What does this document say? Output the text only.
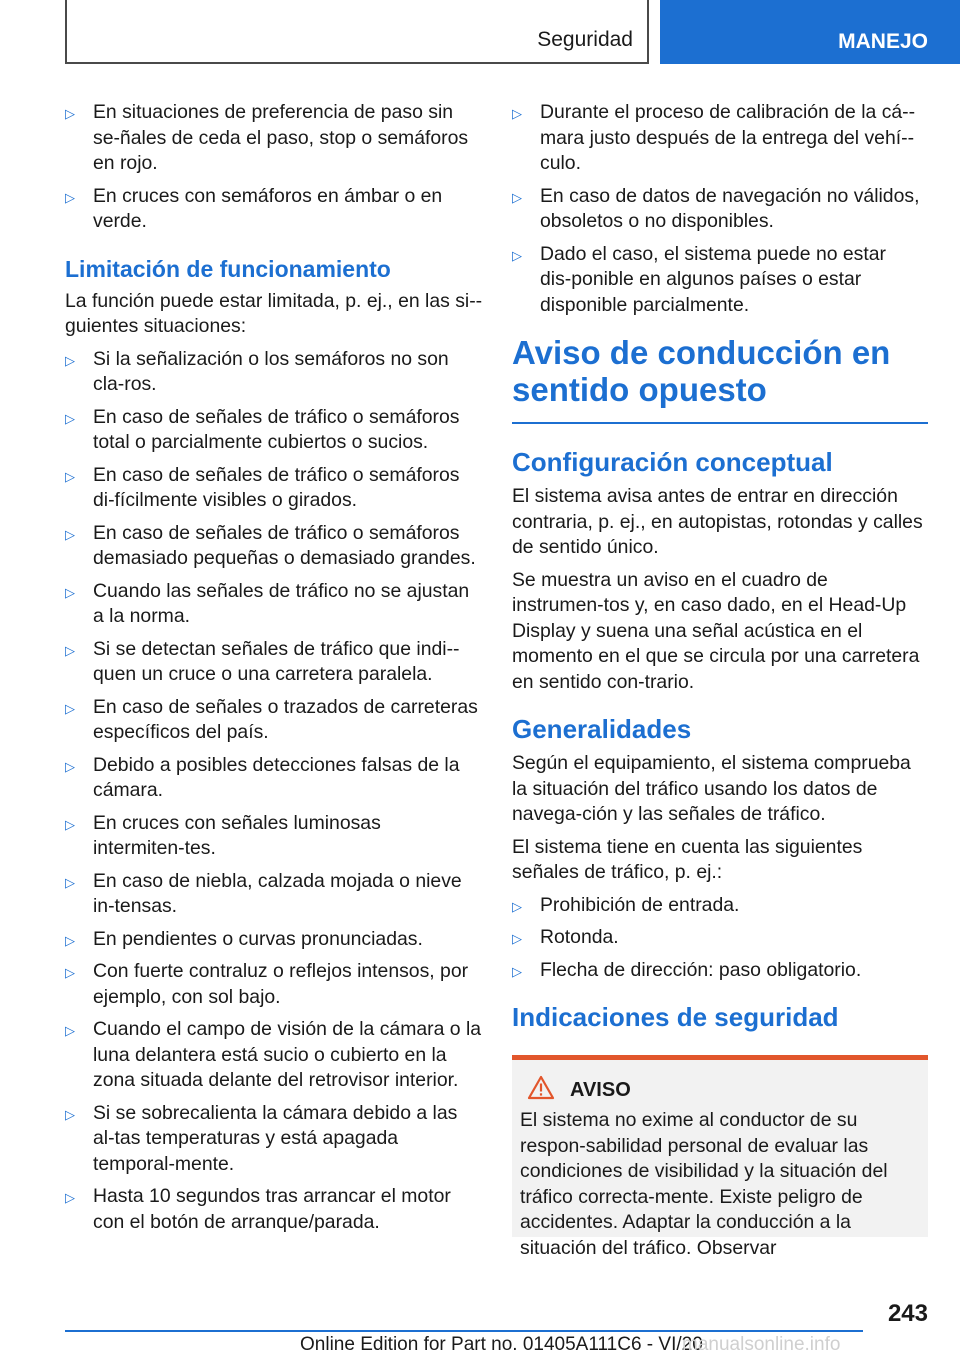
Seguridad	MANEJO
▷ En situaciones de preferencia de paso sin se-ñales de ceda el paso, stop o semáforos en rojo.
▷ En cruces con semáforos en ámbar o en verde.
Limitación de funcionamiento

La función puede estar limitada, p. ej., en las si-guientes situaciones:

▷ Si la señalización o los semáforos no son cla-ros.
▷ En caso de señales de tráfico o semáforos total o parcialmente cubiertos o sucios.
▷ En caso de señales de tráfico o semáforos di-fícilmente visibles o girados.
▷ En caso de señales de tráfico o semáforos demasiado pequeñas o demasiado grandes.
▷ Cuando las señales de tráfico no se ajustan a la norma.
▷ Si se detectan señales de tráfico que indi-quen un cruce o una carretera paralela.
▷ En caso de señales o trazados de carreteras específicos del país.
▷ Debido a posibles detecciones falsas de la cámara.
▷ En cruces con señales luminosas intermiten-tes.
▷ En caso de niebla, calzada mojada o nieve in-tensas.
▷ En pendientes o curvas pronunciadas.
▷ Con fuerte contraluz o reflejos intensos, por ejemplo, con sol bajo.
▷ Cuando el campo de visión de la cámara o la luna delantera está sucio o cubierto en la zona situada delante del retrovisor interior.
▷ Si se sobrecalienta la cámara debido a las al-tas temperaturas y está apagada temporal-mente.
▷ Hasta 10 segundos tras arrancar el motor con el botón de arranque/parada.
▷ Durante el proceso de calibración de la cá-mara justo después de la entrega del vehí-culo.
▷ En caso de datos de navegación no válidos, obsoletos o no disponibles.
▷ Dado el caso, el sistema puede no estar dis-ponible en algunos países o estar disponible parcialmente.
Aviso de conducción en sentido opuesto
Configuración conceptual

El sistema avisa antes de entrar en dirección contraria, p. ej., en autopistas, rotondas y calles de sentido único.

Se muestra un aviso en el cuadro de instrumen-tos y, en caso dado, en el Head-Up Display y suena una señal acústica en el momento en el que se circula por una carretera en sentido con-trario.

Generalidades

Según el equipamiento, el sistema comprueba la situación del tráfico usando los datos de navega-ción y las señales de tráfico.

El sistema tiene en cuenta las siguientes señales de tráfico, p. ej.:

▷ Prohibición de entrada.
▷ Rotonda.
▷ Flecha de dirección: paso obligatorio.
Indicaciones de seguridad
AVISO

El sistema no exime al conductor de su respon-sabilidad personal de evaluar las condiciones de visibilidad y la situación del tráfico correcta-mente. Existe peligro de accidentes. Adaptar la conducción a la situación del tráfico. Observar

243
Online Edition for Part no. 01405A111C6 - VI/20
manualsonline.info
